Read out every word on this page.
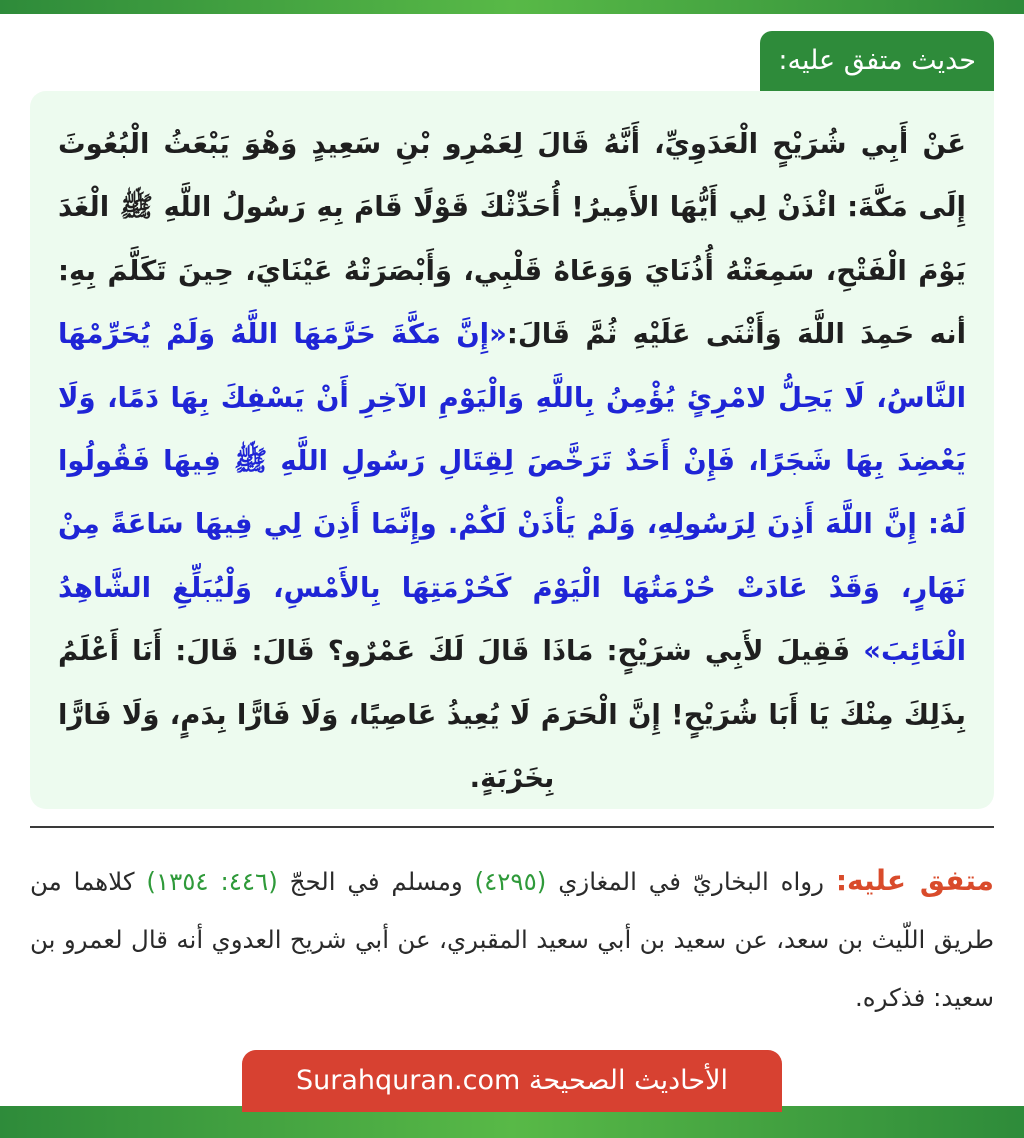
حديث متفق عليه:

عَنْ أَبِي شُرَيْحٍ الْعَدَوِيِّ، أَنَّهُ قَالَ لِعَمْرِو بْنِ سَعِيدٍ وَهْوَ يَبْعَثُ الْبُعُوثَ إِلَى مَكَّةَ: ائْذَنْ لِي أَيُّهَا الأَمِيرُ! أُحَدِّثْكَ قَوْلًا قَامَ بِهِ رَسُولُ اللَّهِ ﷺ الْغَدَ يَوْمَ الْفَتْحِ، سَمِعَتْهُ أُذُنَايَ وَوَعَاهُ قَلْبِي، وَأَبْصَرَتْهُ عَيْنَايَ، حِينَ تَكَلَّمَ بِهِ: أنه حَمِدَ اللَّهَ وَأَثْنَى عَلَيْهِ ثُمَّ قَالَ:«إِنَّ مَكَّةَ حَرَّمَهَا اللَّهُ وَلَمْ يُحَرِّمْهَا النَّاسُ، لَا يَحِلُّ لامْرِئٍ يُؤْمِنُ بِاللَّهِ وَالْيَوْمِ الآخِرِ أَنْ يَسْفِكَ بِهَا دَمًا، وَلَا يَعْضِدَ بِهَا شَجَرًا، فَإِنْ أَحَدٌ تَرَخَّصَ لِقِتَالِ رَسُولِ اللَّهِ ﷺ فِيهَا فَقُولُوا لَهُ: إِنَّ اللَّهَ أَذِنَ لِرَسُولِهِ، وَلَمْ يَأْذَنْ لَكُمْ. وإِنَّمَا أَذِنَ لِي فِيهَا سَاعَةً مِنْ نَهَارٍ، وَقَدْ عَادَتْ حُرْمَتُهَا الْيَوْمَ كَحُرْمَتِهَا بِالأَمْسِ، وَلْيُبَلِّغِ الشَّاهِدُ الْغَائِبَ» فَقِيلَ لأَبِي شرَيْحٍ: مَاذَا قَالَ لَكَ عَمْرٌو؟ قَالَ: قَالَ: أَنَا أَعْلَمُ بِذَلِكَ مِنْكَ يَا أَبَا شُرَيْحٍ! إِنَّ الْحَرَمَ لَا يُعِيذُ عَاصِيًا، وَلَا فَارًّا بِدَمٍ، وَلَا فَارًّا بِخَرْبَةٍ.

متفق عليه: رواه البخاريّ في المغازي (٤٢٩٥) ومسلم في الحجّ (٤٤٦: ١٣٥٤) كلاهما من طريق اللّيث بن سعد، عن سعيد بن أبي سعيد المقبري، عن أبي شريح العدوي أنه قال لعمرو بن سعيد: فذكره.

الأحاديث الصحيحة Surahquran.com
